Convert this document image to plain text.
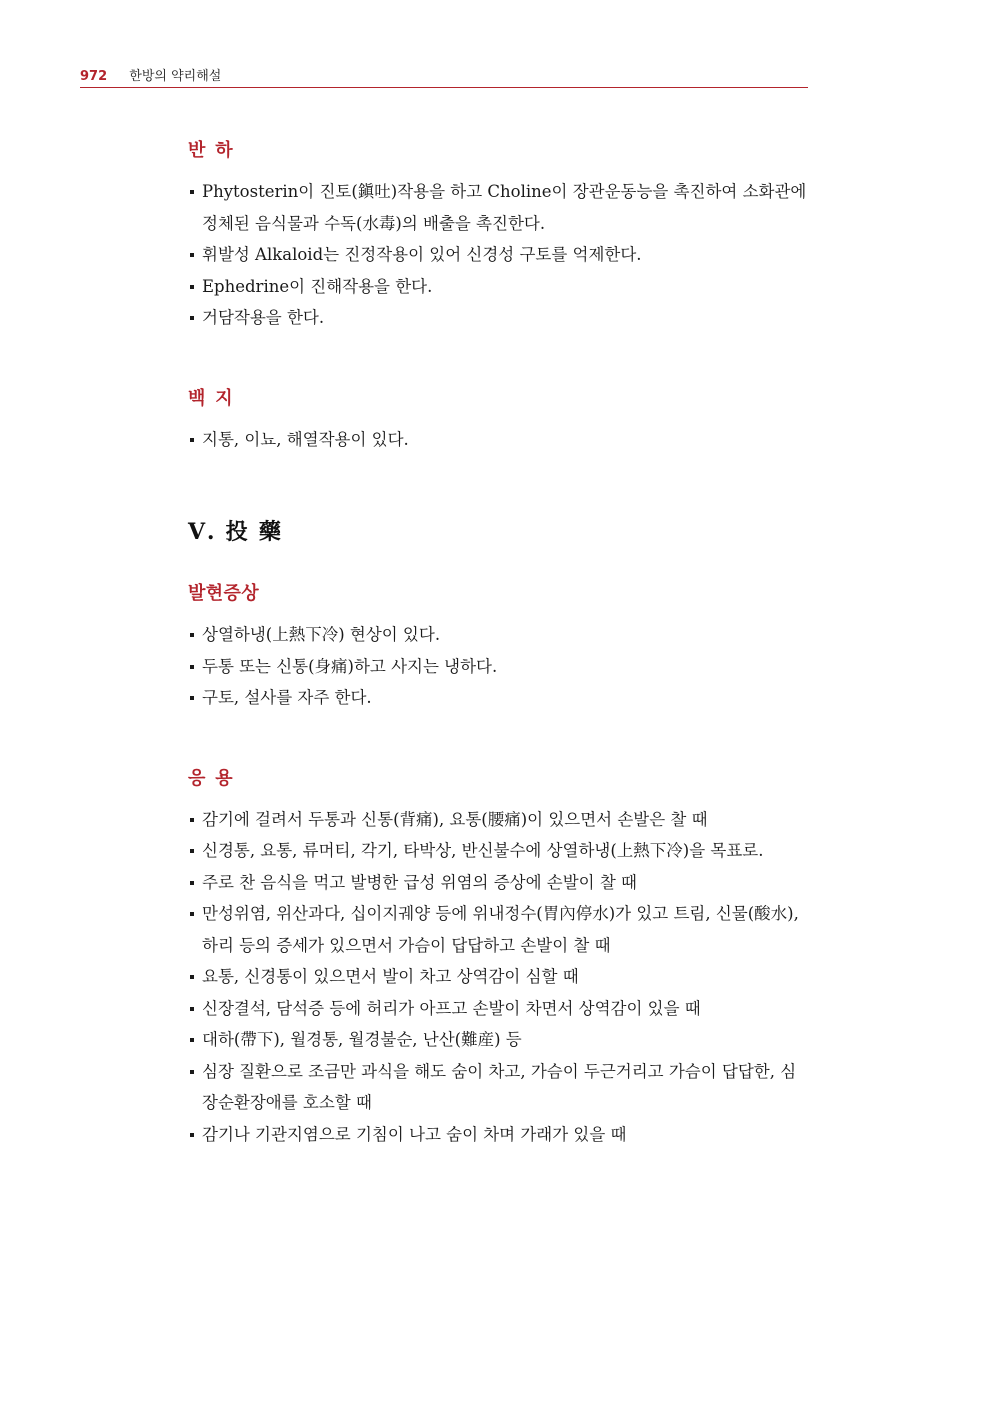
972 한방의 약리해설
반하
Phytosterin이 진토(鎭吐)작용을 하고 Choline이 장관운동능을 촉진하여 소화관에 정체된 음식물과 수독(水毒)의 배출을 촉진한다.
휘발성 Alkaloid는 진정작용이 있어 신경성 구토를 억제한다.
Ephedrine이 진해작용을 한다.
거담작용을 한다.
백지
지통, 이뇨, 해열작용이 있다.
Ⅴ. 投 藥
발현증상
상열하냉(上熱下冷) 현상이 있다.
두통 또는 신통(身痛)하고 사지는 냉하다.
구토, 설사를 자주 한다.
응용
감기에 걸려서 두통과 신통(背痛), 요통(腰痛)이 있으면서 손발은 찰 때
신경통, 요통, 류머티, 각기, 타박상, 반신불수에 상열하냉(上熱下冷)을 목표로.
주로 찬 음식을 먹고 발병한 급성 위염의 증상에 손발이 찰 때
만성위염, 위산과다, 십이지궤양 등에 위내정수(胃內停水)가 있고 트림, 신물(酸水), 하리 등의 증세가 있으면서 가슴이 답답하고 손발이 찰 때
요통, 신경통이 있으면서 발이 차고 상역감이 심할 때
신장결석, 담석증 등에 허리가 아프고 손발이 차면서 상역감이 있을 때
대하(帶下), 월경통, 월경불순, 난산(難産) 등
심장 질환으로 조금만 과식을 해도 숨이 차고, 가슴이 두근거리고 가슴이 답답한, 심장순환장애를 호소할 때
감기나 기관지염으로 기침이 나고 숨이 차며 가래가 있을 때
